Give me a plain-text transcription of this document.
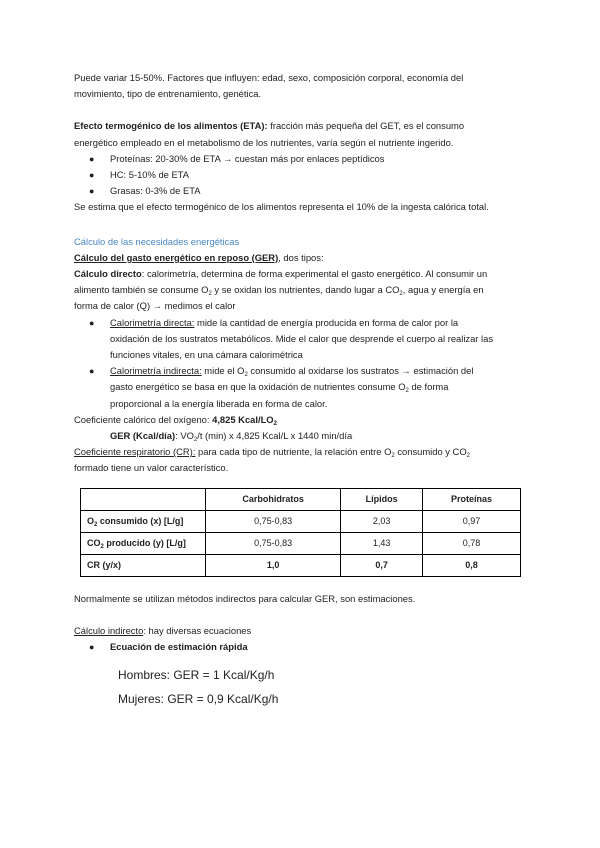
Puede variar 15-50%. Factores que influyen: edad, sexo, composición corporal, economía del

movimiento, tipo de entrenamiento, genética.

Efecto termogénico de los alimentos (ETA): fracción más pequeña del GET, es el consumo

energético empleado en el metabolismo de los nutrientes, varía según el nutriente ingerido.

● Proteínas: 20-30% de ETA → cuestan más por enlaces peptídicos
● HC: 5-10% de ETA
● Grasas: 0-3% de ETA

Se estima que el efecto termogénico de los alimentos representa el 10% de la ingesta calórica total.

Cálculo de las necesidades energéticas

Cálculo del gasto energético en reposo (GER), dos tipos:

Cálculo directo: calorimetría, determina de forma experimental el gasto energético. Al consumir un

alimento también se consume $O_2$ y se oxidan los nutrientes, dando lugar a $CO_2$, agua y energía en

forma de calor (Q) → medimos el calor

● Calorimetría directa: mide la cantidad de energía producida en forma de calor por la
oxidación de los sustratos metabólicos. Mide el calor que desprende el cuerpo al realizar las
funciones vitales, en una cámara calorimétrica
● Calorimetría indirecta: mide el $O_2$ consumido al oxidarse los sustratos → estimación del
gasto energético se basa en que la oxidación de nutrientes consume $O_2$ de forma
proporcional a la energía liberada en forma de calor.

Coeficiente calórico del oxígeno: 4,825 Kcal/$LO_2$

GER (Kcal/día): $VO_2/t$ (min) x 4,825 Kcal/L x 1440 min/día

Coeficiente respiratorio (CR): para cada tipo de nutriente, la relación entre $O_2$ consumido y $CO_2$

formado tiene un valor característico.

	Carbohidratos	Lípidos	Proteínas
$O_2$ consumido (x) [L/g]	0,75-0,83	2,03	0,97
$CO_2$ producido (y) [L/g]	0,75-0,83	1,43	0,78
CR (y/x)	1,0	0,7	0,8

Normalmente se utilizan métodos indirectos para calcular GER, son estimaciones.

Cálculo indirecto: hay diversas ecuaciones

● Ecuación de estimación rápida

Hombres: GER = 1 Kcal/Kg/h

Mujeres: GER = 0,9 Kcal/Kg/h
